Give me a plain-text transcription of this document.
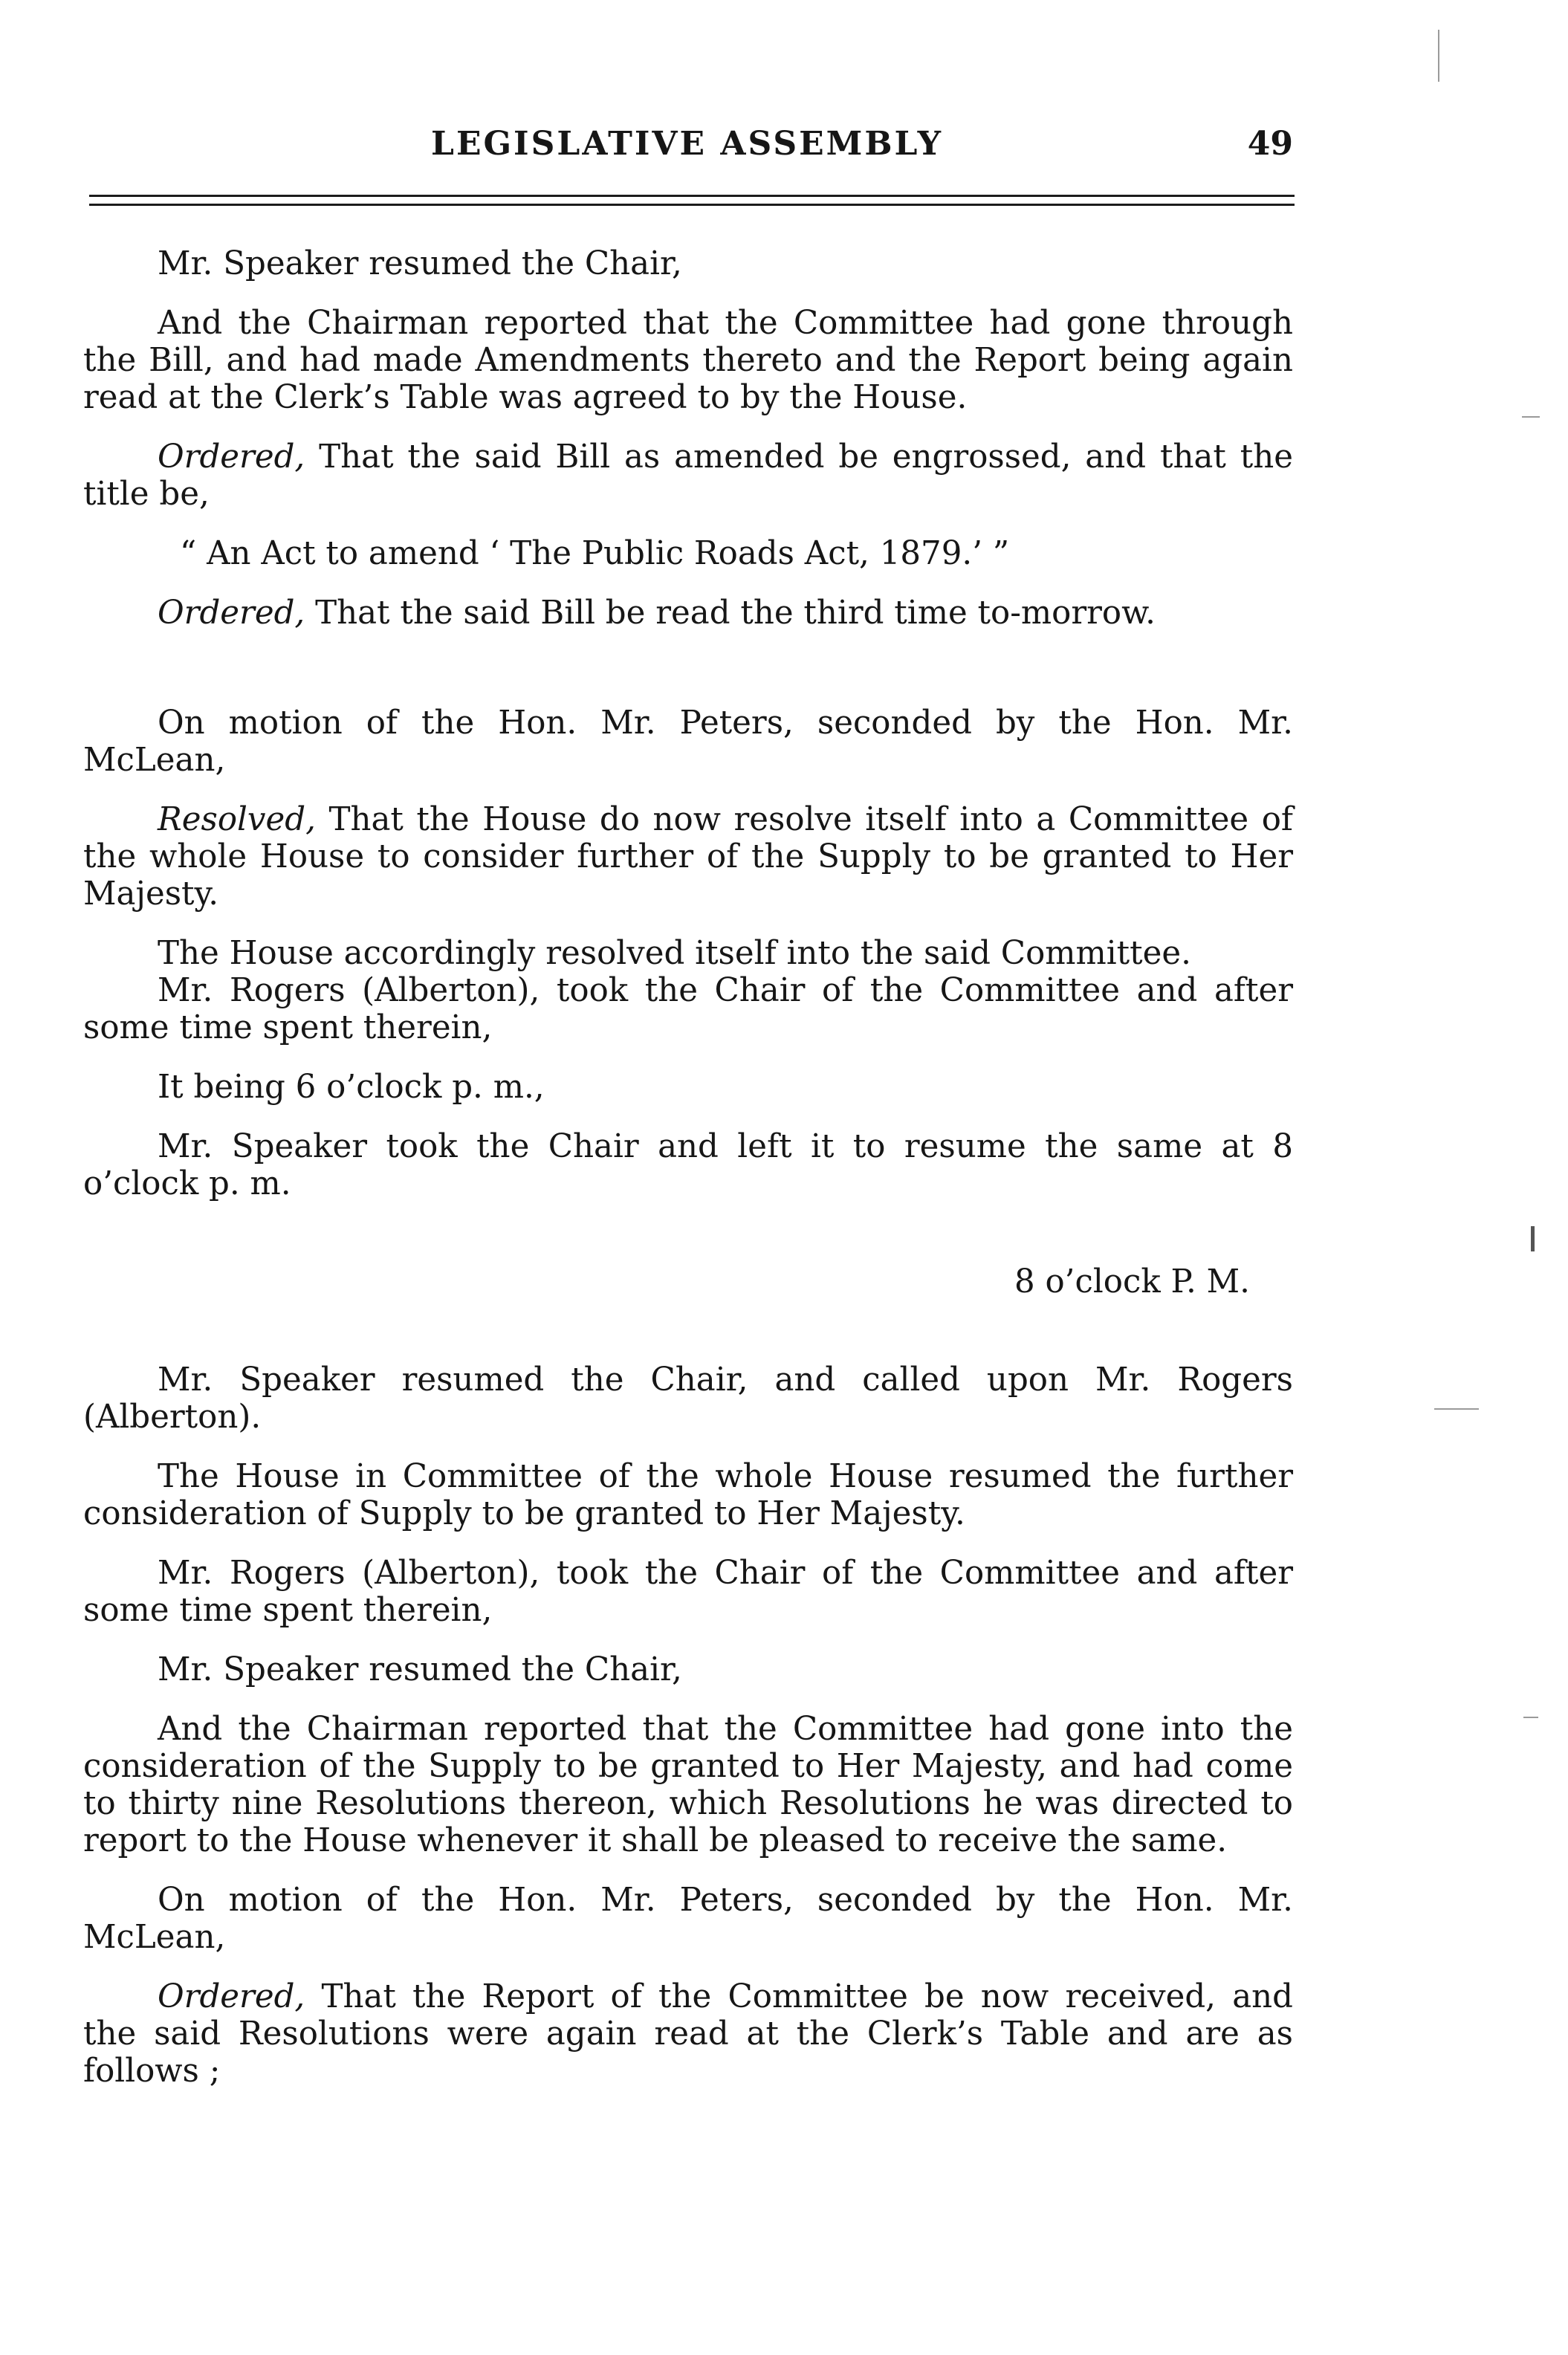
LEGISLATIVE ASSEMBLY	49

Mr. Speaker resumed the Chair,

And the Chairman reported that the Committee had gone through the Bill, and had made Amendments thereto and the Report being again read at the Clerk’s Table was agreed to by the House.

Ordered, That the said Bill as amended be engrossed, and that the title be,

“ An Act to amend ‘ The Public Roads Act, 1879.’ ”

Ordered, That the said Bill be read the third time to-morrow.

On motion of the Hon. Mr. Peters, seconded by the Hon. Mr. McLean,

Resolved, That the House do now resolve itself into a Committee of the whole House to consider further of the Supply to be granted to Her Majesty.

The House accordingly resolved itself into the said Committee.

Mr. Rogers (Alberton), took the Chair of the Committee and after some time spent therein,

It being 6 o’clock p. m.,

Mr. Speaker took the Chair and left it to resume the same at 8 o’clock p. m.

8 o’clock P. M.

Mr. Speaker resumed the Chair, and called upon Mr. Rogers (Alberton).

The House in Committee of the whole House resumed the further consideration of Supply to be granted to Her Majesty.

Mr. Rogers (Alberton), took the Chair of the Committee and after some time spent therein,

Mr. Speaker resumed the Chair,

And the Chairman reported that the Committee had gone into the consideration of the Supply to be granted to Her Majesty, and had come to thirty nine Resolutions thereon, which Resolutions he was directed to report to the House whenever it shall be pleased to receive the same.

On motion of the Hon. Mr. Peters, seconded by the Hon. Mr. McLean,

Ordered, That the Report of the Committee be now received, and the said Resolutions were again read at the Clerk’s Table and are as follows ;
